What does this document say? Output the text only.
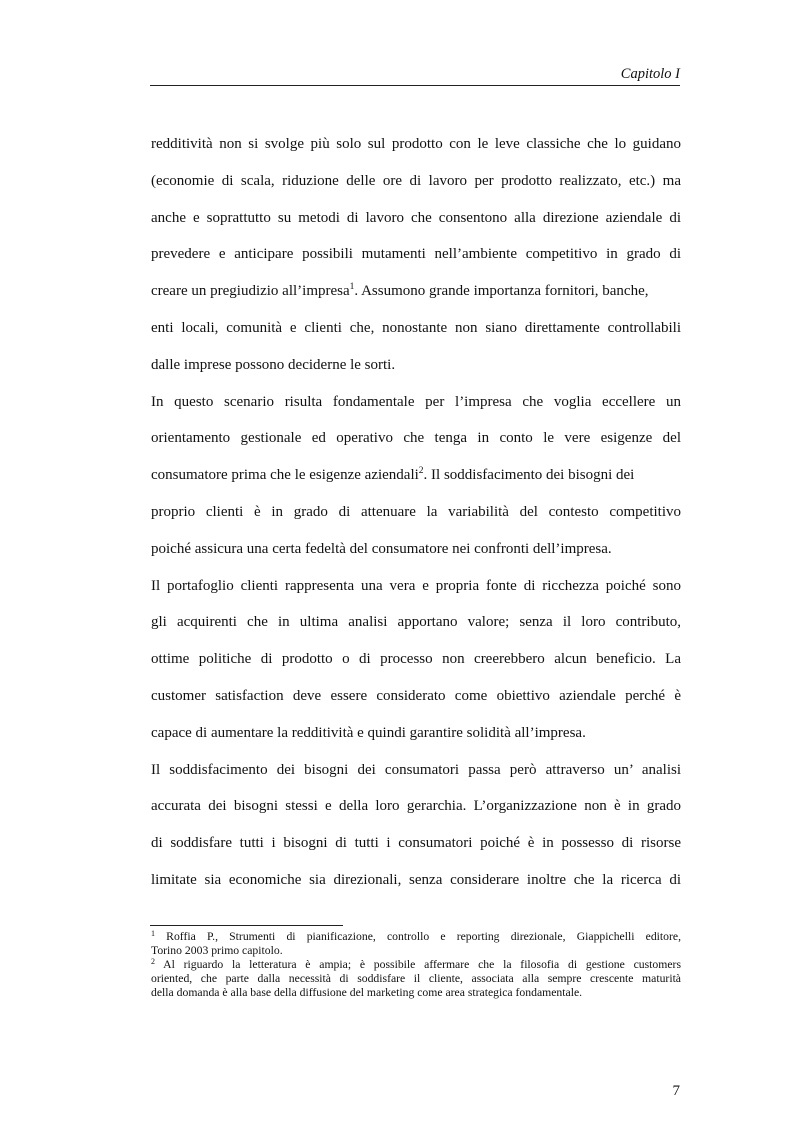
Capitolo I
redditività non si svolge più solo sul prodotto con le leve classiche che lo guidano
(economie di scala, riduzione delle ore di lavoro per prodotto realizzato, etc.) ma
anche e soprattutto su metodi di lavoro che consentono alla direzione aziendale di
prevedere e anticipare possibili mutamenti nell’ambiente competitivo in grado di
creare un pregiudizio all’impresa$^1$. Assumono grande importanza fornitori, banche,
enti locali, comunità e clienti che, nonostante non siano direttamente controllabili
dalle imprese possono deciderne le sorti.
In questo scenario risulta fondamentale per l’impresa che voglia eccellere un
orientamento gestionale ed operativo che tenga in conto le vere esigenze del
consumatore prima che le esigenze aziendali$^2$. Il soddisfacimento dei bisogni dei
proprio clienti è in grado di attenuare la variabilità del contesto competitivo
poiché assicura una certa fedeltà del consumatore nei confronti dell’impresa.
Il portafoglio clienti rappresenta una vera e propria fonte di ricchezza poiché sono
gli acquirenti che in ultima analisi apportano valore; senza il loro contributo,
ottime politiche di prodotto o di processo non creerebbero alcun beneficio. La
customer satisfaction deve essere considerato come obiettivo aziendale perché è
capace di aumentare la redditività e quindi garantire solidità all’impresa.
Il soddisfacimento dei bisogni dei consumatori passa però attraverso un’ analisi
accurata dei bisogni stessi e della loro gerarchia. L’organizzazione non è in grado
di soddisfare tutti i bisogni di tutti i consumatori poiché è in possesso di risorse
limitate sia economiche sia direzionali, senza considerare inoltre che la ricerca di
$^1$ Roffia P., Strumenti di pianificazione, controllo e reporting direzionale, Giappichelli editore,
Torino 2003 primo capitolo.
$^2$ Al riguardo la letteratura è ampia; è possibile affermare che la filosofia di gestione customers
oriented, che parte dalla necessità di soddisfare il cliente, associata alla sempre crescente maturità
della domanda è alla base della diffusione del marketing come area strategica fondamentale.
7
